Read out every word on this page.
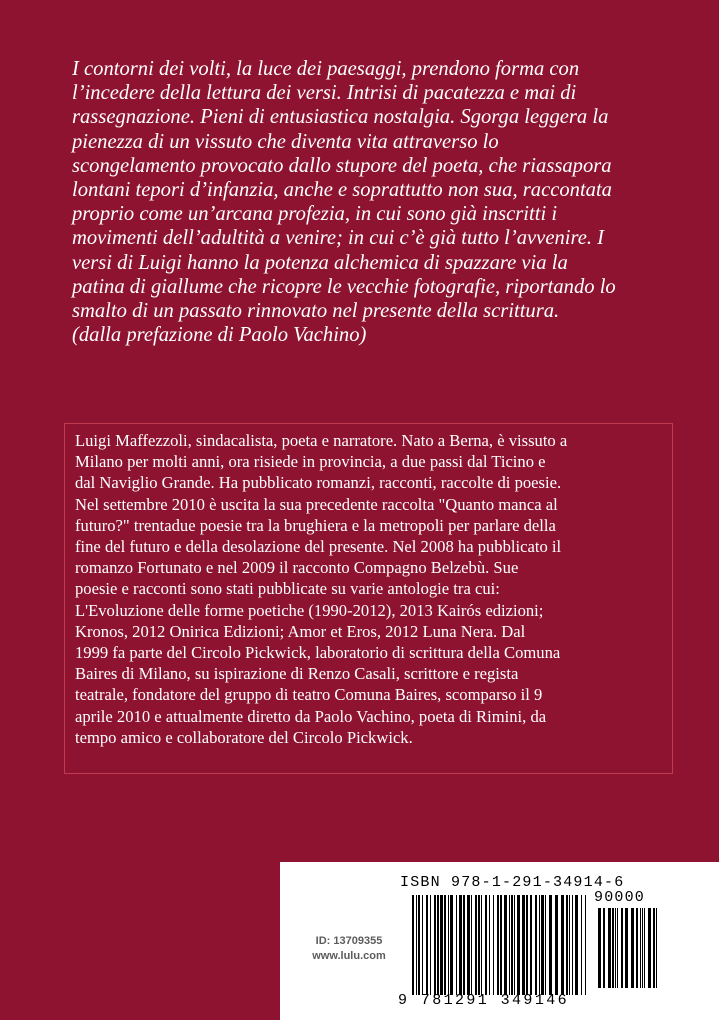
I contorni dei volti, la luce dei paesaggi, prendono forma con
l’incedere della lettura dei versi. Intrisi di pacatezza e mai di
rassegnazione. Pieni di entusiastica nostalgia. Sgorga leggera la
pienezza di un vissuto che diventa vita attraverso lo
scongelamento provocato dallo stupore del poeta, che riassapora
lontani tepori d’infanzia, anche e soprattutto non sua, raccontata
proprio come un’arcana profezia, in cui sono già inscritti i
movimenti dell’adultità a venire; in cui c’è già tutto l’avvenire. I
versi di Luigi hanno la potenza alchemica di spazzare via la
patina di giallume che ricopre le vecchie fotografie, riportando lo
smalto di un passato rinnovato nel presente della scrittura.
(dalla prefazione di Paolo Vachino)
Luigi Maffezzoli, sindacalista, poeta e narratore. Nato a Berna, è vissuto a
Milano per molti anni, ora risiede in provincia, a due passi dal Ticino e
dal Naviglio Grande. Ha pubblicato romanzi, racconti, raccolte di poesie.
Nel settembre 2010 è uscita la sua precedente raccolta "Quanto manca al
futuro?" trentadue poesie tra la brughiera e la metropoli per parlare della
fine del futuro e della desolazione del presente. Nel 2008 ha pubblicato il
romanzo Fortunato e nel 2009 il racconto Compagno Belzebù. Sue
poesie e racconti sono stati pubblicate su varie antologie tra cui:
L'Evoluzione delle forme poetiche (1990-2012), 2013 Kairós edizioni;
Kronos, 2012 Onirica Edizioni; Amor et Eros, 2012 Luna Nera. Dal
1999 fa parte del Circolo Pickwick, laboratorio di scrittura della Comuna
Baires di Milano, su ispirazione di Renzo Casali, scrittore e regista
teatrale, fondatore del gruppo di teatro Comuna Baires, scomparso il 9
aprile 2010 e attualmente diretto da Paolo Vachino, poeta di Rimini, da
tempo amico e collaboratore del Circolo Pickwick.
ID: 13709355
www.lulu.com
ISBN 978-1-291-34914-6
90000
9 781291 349146
